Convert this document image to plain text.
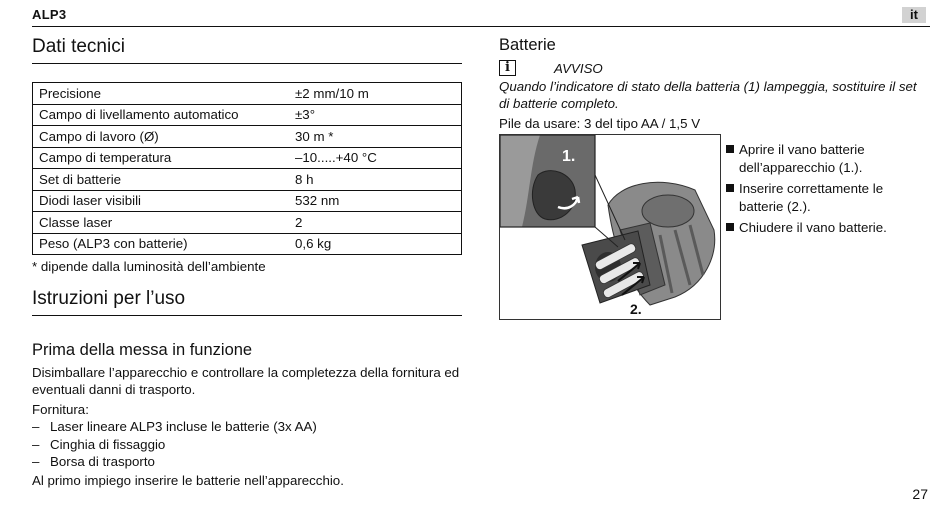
ALP3	it
Dati tecnici
Precisione	±2 mm/10 m
Campo di livellamento automatico	±3°
Campo di lavoro (Ø)	30 m *
Campo di temperatura	–10.....+40 °C
Set di batterie	8 h
Diodi laser visibili	532 nm
Classe laser	2
Peso (ALP3 con batterie)	0,6 kg
* dipende dalla luminosità dell’ambiente
Istruzioni per l’uso
Prima della messa in funzione

Disimballare l’apparecchio e controllare la completezza della fornitura ed eventuali danni di trasporto.

Fornitura:

– Laser lineare ALP3 incluse le batterie (3x AA)
– Cinghia di fissaggio
– Borsa di trasporto

Al primo impiego inserire le batterie nell’apparecchio.

Batterie
i	AVVISO

Quando l’indicatore di stato della batteria (1) lampeggia, sostituire il set di batterie completo.

Pile da usare: 3 del tipo AA / 1,5 V

1.
2.
Aprire il vano batterie dell’apparecchio (1.).
Inserire correttamente le batterie (2.).
Chiudere il vano batterie.
27
